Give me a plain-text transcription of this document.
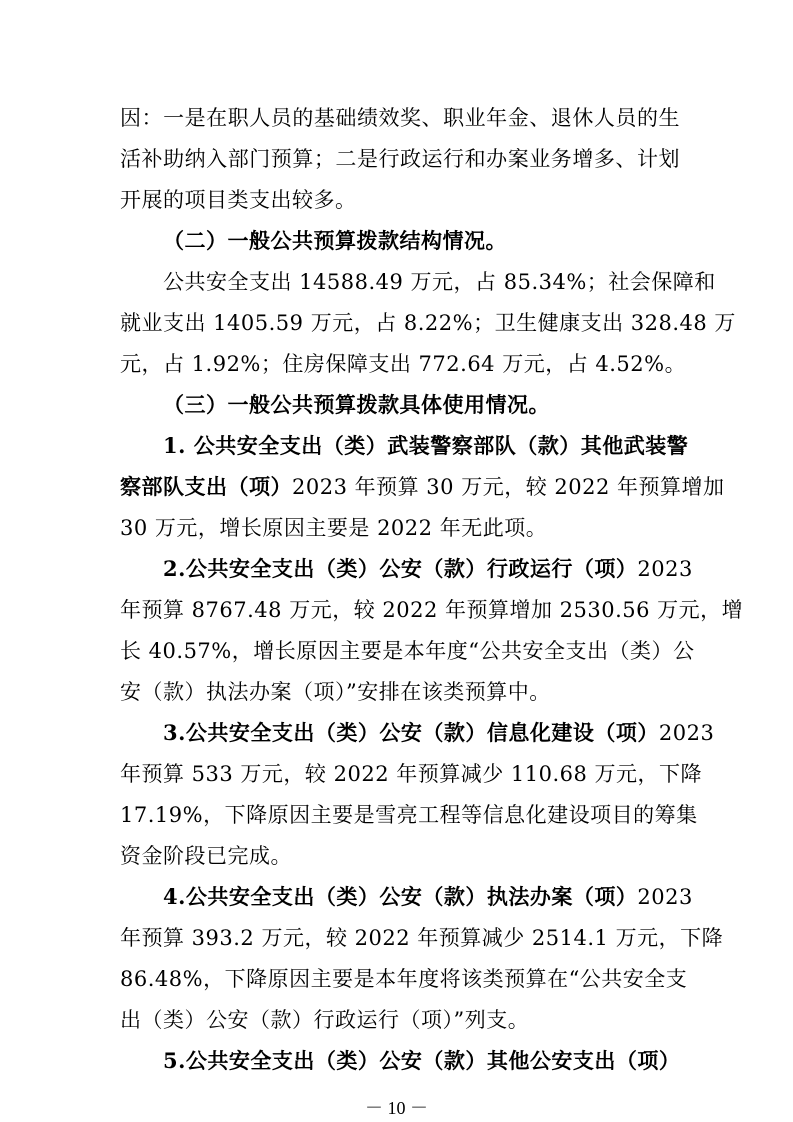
因：一是在职人员的基础绩效奖、职业年金、退休人员的生
活补助纳入部门预算；二是行政运行和办案业务增多、计划
开展的项目类支出较多。
（二）一般公共预算拨款结构情况。
公共安全支出 14588.49 万元，占 85.34%；社会保障和
就业支出 1405.59 万元，占 8.22%；卫生健康支出 328.48 万
元，占 1.92%；住房保障支出 772.64 万元，占 4.52%。
（三）一般公共预算拨款具体使用情况。
1. 公共安全支出（类）武装警察部队（款）其他武装警
察部队支出（项）2023 年预算 30 万元，较 2022 年预算增加
30 万元，增长原因主要是 2022 年无此项。
2.公共安全支出（类）公安（款）行政运行（项）2023
年预算 8767.48 万元，较 2022 年预算增加 2530.56 万元，增
长 40.57%，增长原因主要是本年度“公共安全支出（类）公
安（款）执法办案（项）”安排在该类预算中。
3.公共安全支出（类）公安（款）信息化建设（项）2023
年预算 533 万元，较 2022 年预算减少 110.68 万元，下降
17.19%，下降原因主要是雪亮工程等信息化建设项目的筹集
资金阶段已完成。
4.公共安全支出（类）公安（款）执法办案（项）2023
年预算 393.2 万元，较 2022 年预算减少 2514.1 万元，下降
86.48%，下降原因主要是本年度将该类预算在“公共安全支
出（类）公安（款）行政运行（项）”列支。
5.公共安全支出（类）公安（款）其他公安支出（项）
－ 10 －
